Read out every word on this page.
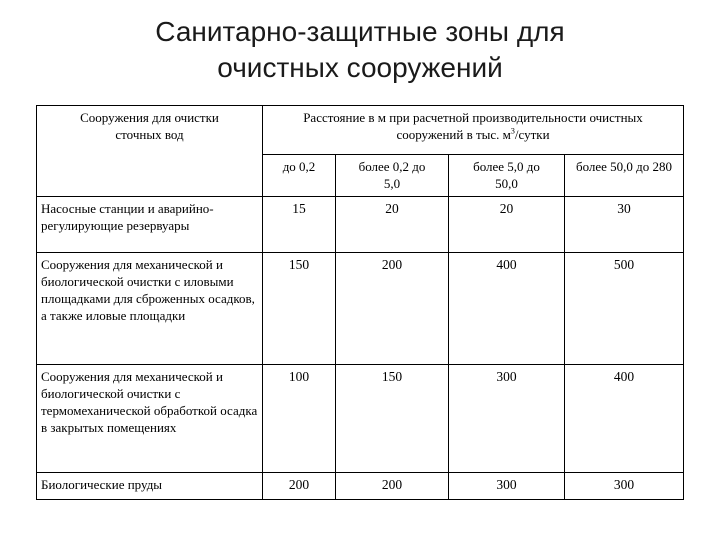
Санитарно-защитные зоны для
очистных сооружений
Сооружения для очистки сточных вод	Расстояние в м при расчетной производительности очистных сооружений в тыс. $м^3$/сутки			
	до 0,2	более 0,2 до 5,0	более 5,0 до 50,0	более 50,0 до 280
Насосные станции и аварийно-регулирующие резервуары	15	20	20	30
Сооружения для механической и биологической очистки с иловыми площадками для сброженных осадков, а также иловые площадки	150	200	400	500
Сооружения для механической и биологической очистки с термомеханической обработкой осадка в закрытых помещениях	100	150	300	400
Биологические пруды	200	200	300	300
